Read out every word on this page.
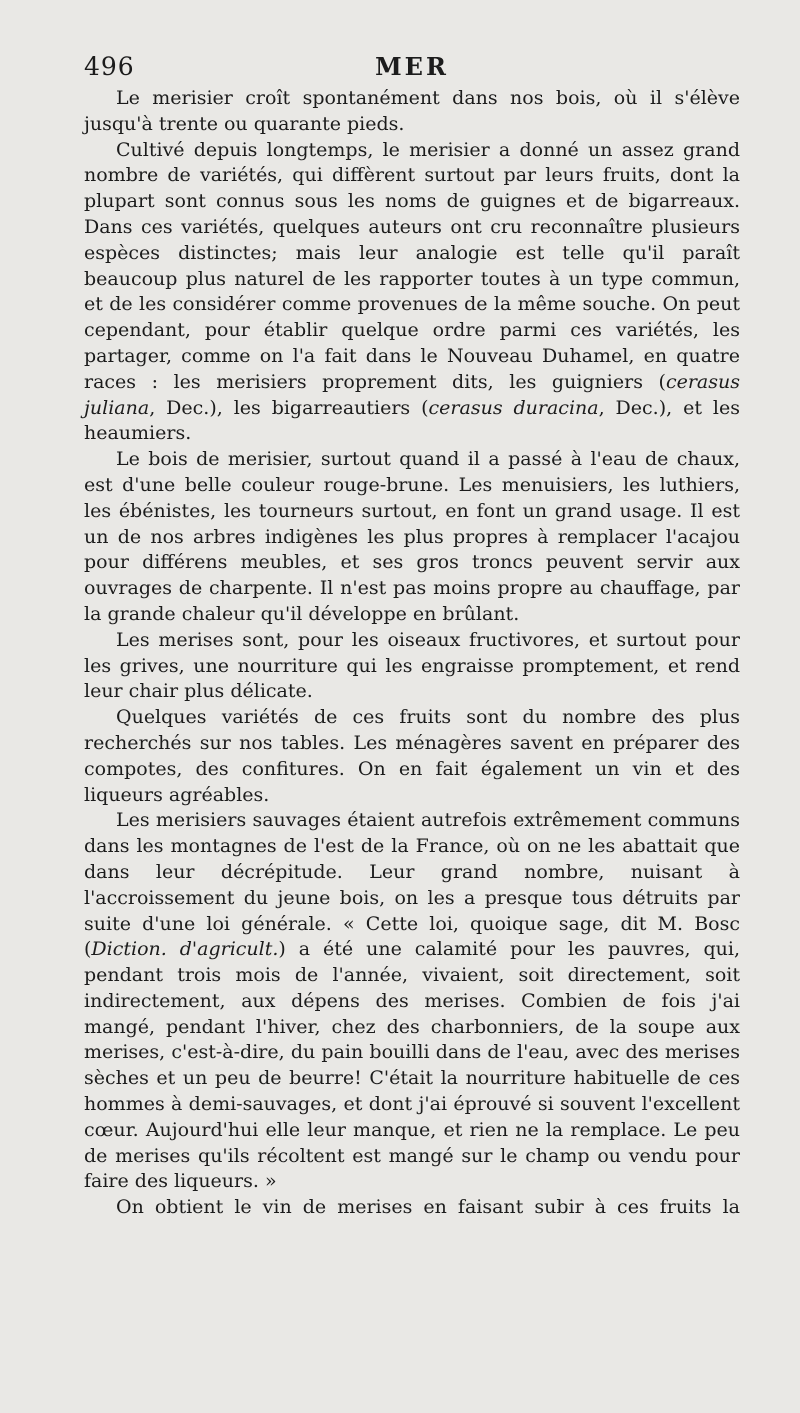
496	MER

Le merisier croît spontanément dans nos bois, où il s'élève jusqu'à trente ou quarante pieds.

Cultivé depuis longtemps, le merisier a donné un assez grand nombre de variétés, qui diffèrent surtout par leurs fruits, dont la plupart sont connus sous les noms de guignes et de bigarreaux. Dans ces variétés, quelques auteurs ont cru reconnaître plusieurs espèces distinctes; mais leur analogie est telle qu'il paraît beaucoup plus naturel de les rapporter toutes à un type commun, et de les considérer comme provenues de la même souche. On peut cependant, pour établir quelque ordre parmi ces variétés, les partager, comme on l'a fait dans le Nouveau Duhamel, en quatre races : les merisiers proprement dits, les guigniers (cerasus juliana, Dec.), les bigarreautiers (cerasus duracina, Dec.), et les heaumiers.

Le bois de merisier, surtout quand il a passé à l'eau de chaux, est d'une belle couleur rouge-brune. Les menuisiers, les luthiers, les ébénistes, les tourneurs surtout, en font un grand usage. Il est un de nos arbres indigènes les plus propres à remplacer l'acajou pour différens meubles, et ses gros troncs peuvent servir aux ouvrages de charpente. Il n'est pas moins propre au chauffage, par la grande chaleur qu'il développe en brûlant.

Les merises sont, pour les oiseaux fructivores, et surtout pour les grives, une nourriture qui les engraisse promptement, et rend leur chair plus délicate.

Quelques variétés de ces fruits sont du nombre des plus recherchés sur nos tables. Les ménagères savent en préparer des compotes, des confitures. On en fait également un vin et des liqueurs agréables.

Les merisiers sauvages étaient autrefois extrêmement communs dans les montagnes de l'est de la France, où on ne les abattait que dans leur décrépitude. Leur grand nombre, nuisant à l'accroissement du jeune bois, on les a presque tous détruits par suite d'une loi générale. « Cette loi, quoique sage, dit M. Bosc (Diction. d'agricult.) a été une calamité pour les pauvres, qui, pendant trois mois de l'année, vivaient, soit directement, soit indirectement, aux dépens des merises. Combien de fois j'ai mangé, pendant l'hiver, chez des charbonniers, de la soupe aux merises, c'est-à-dire, du pain bouilli dans de l'eau, avec des merises sèches et un peu de beurre! C'était la nourriture habituelle de ces hommes à demi-sauvages, et dont j'ai éprouvé si souvent l'excellent cœur. Aujourd'hui elle leur manque, et rien ne la remplace. Le peu de merises qu'ils récoltent est mangé sur le champ ou vendu pour faire des liqueurs. »

On obtient le vin de merises en faisant subir à ces fruits la
